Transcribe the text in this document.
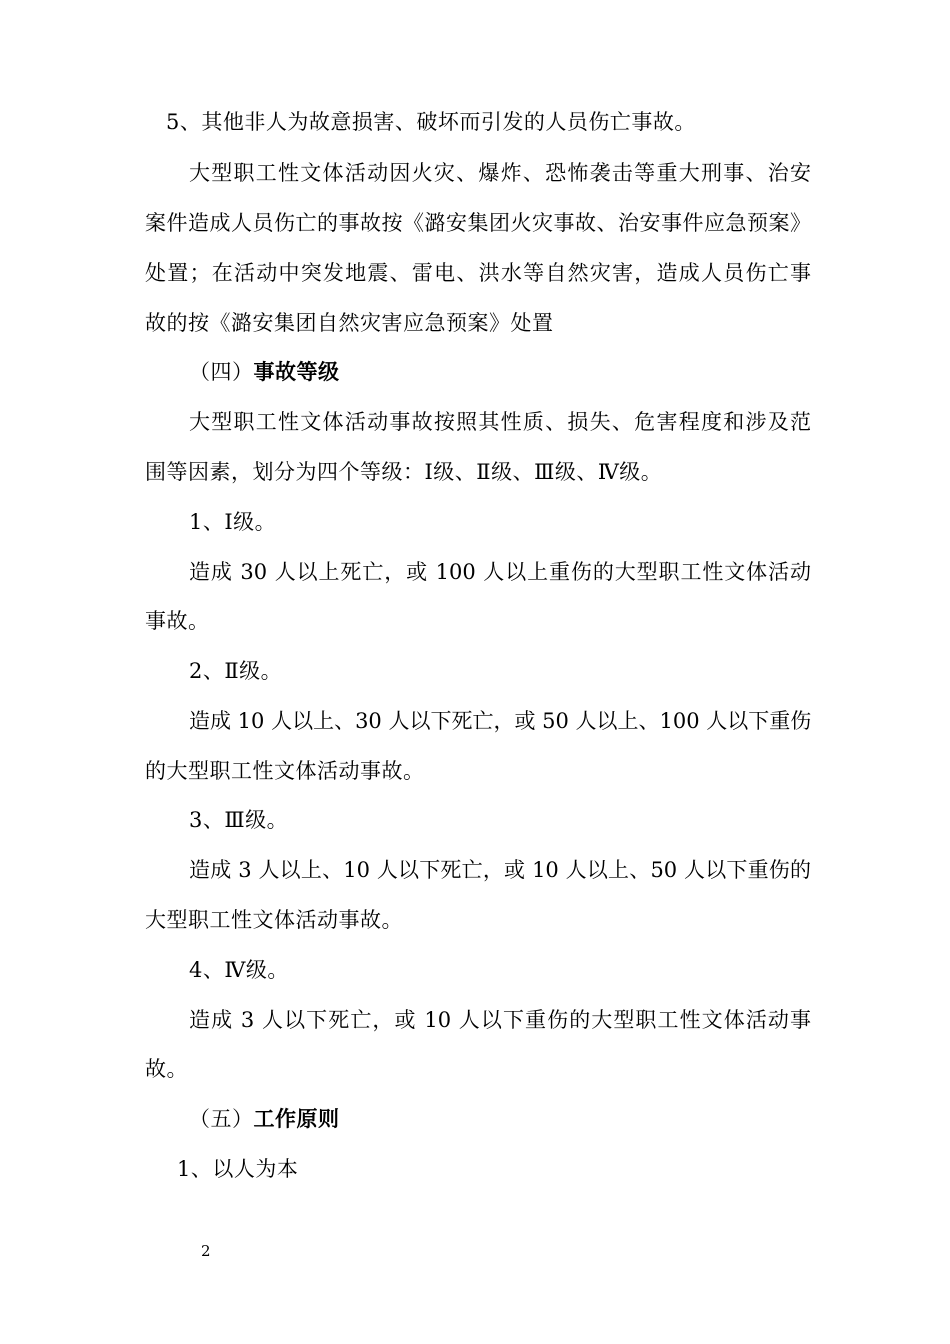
5、其他非人为故意损害、破坏而引发的人员伤亡事故。
大型职工性文体活动因火灾、爆炸、恐怖袭击等重大刑事、治安
案件造成人员伤亡的事故按《潞安集团火灾事故、治安事件应急预案》
处置；在活动中突发地震、雷电、洪水等自然灾害，造成人员伤亡事
故的按《潞安集团自然灾害应急预案》处置
（四）事故等级
大型职工性文体活动事故按照其性质、损失、危害程度和涉及范
围等因素，划分为四个等级：Ⅰ级、Ⅱ级、Ⅲ级、Ⅳ级。
1、Ⅰ级。
造成 30 人以上死亡，或 100 人以上重伤的大型职工性文体活动
事故。
2、Ⅱ级。
造成 10 人以上、30 人以下死亡，或 50 人以上、100 人以下重伤
的大型职工性文体活动事故。
3、Ⅲ级。
造成 3 人以上、10 人以下死亡，或 10 人以上、50 人以下重伤的
大型职工性文体活动事故。
4、Ⅳ级。
造成 3 人以下死亡，或 10 人以下重伤的大型职工性文体活动事
故。
（五）工作原则
1、以人为本
2
